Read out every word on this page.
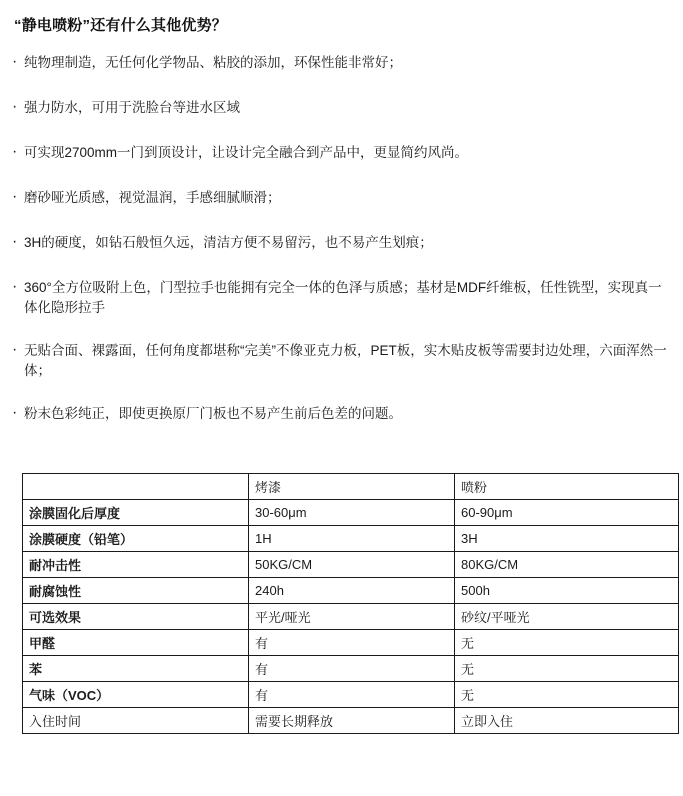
“静电喷粉”还有什么其他优势？
· 纯物理制造，无任何化学物品、粘胶的添加，环保性能非常好；
· 强力防水，可用于洗脸台等进水区域
· 可实现2700mm一门到顶设计，让设计完全融合到产品中，更显简约风尚。
· 磨砂哑光质感，视觉温润，手感细腻顺滑；
· 3H的硬度，如钻石般恒久远，清洁方便不易留污，也不易产生划痕；
· 360°全方位吸附上色，门型拉手也能拥有完全一体的色泽与质感；基材是MDF纤维板，任性铣型，实现真一体化隐形拉手
· 无贴合面、裸露面，任何角度都堪称“完美”不像亚克力板，PET板，实木贴皮板等需要封边处理，六面浑然一体；
· 粉末色彩纯正，即使更换原厂门板也不易产生前后色差的问题。
	烤漆	喷粉
涂膜固化后厚度	30-60μm	60-90μm
涂膜硬度（铅笔）	1H	3H
耐冲击性	50KG/CM	80KG/CM
耐腐蚀性	240h	500h
可选效果	平光/哑光	砂纹/平哑光
甲醛	有	无
苯	有	无
气味（VOC）	有	无
入住时间	需要长期释放	立即入住
